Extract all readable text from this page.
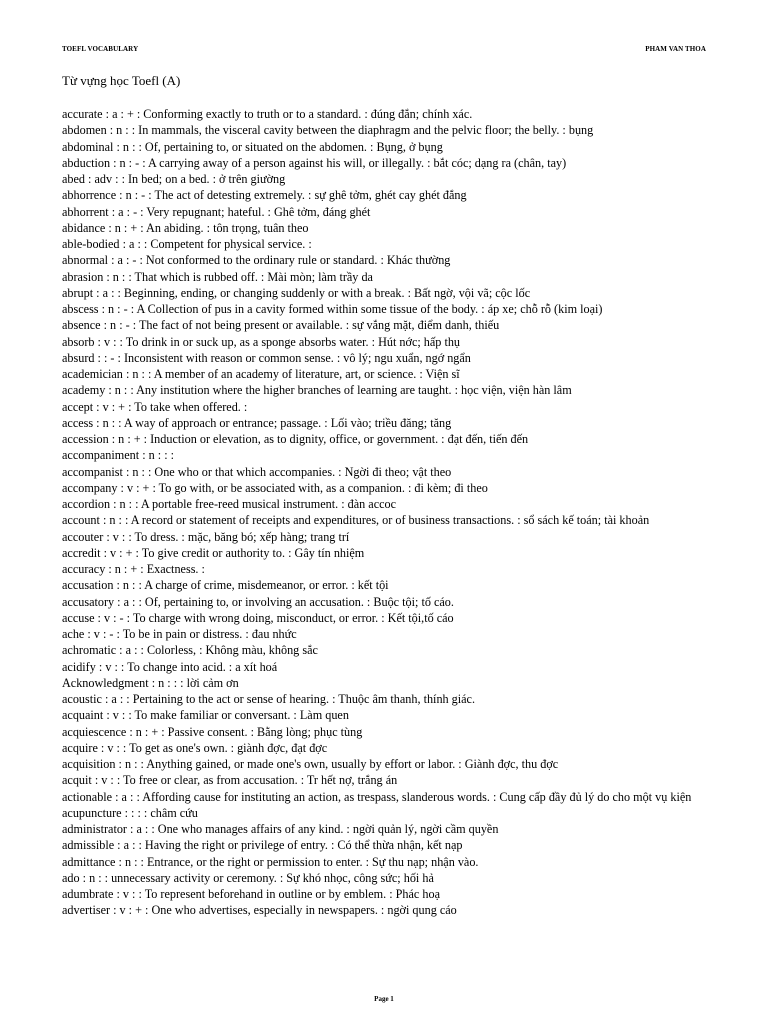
TOEFL VOCABULARY	PHAM VAN THOA
Từ vựng học Toefl (A)
accurate : a : + : Conforming exactly to truth or to a standard. : đúng đắn; chính xác.
abdomen : n : : In mammals, the visceral cavity between the diaphragm and the pelvic floor; the belly. : bụng
abdominal : n : : Of, pertaining to, or situated on the abdomen. : Bụng, ở bụng
abduction : n : - : A carrying away of a person against his will, or illegally. : bắt cóc; dạng ra (chân, tay)
abed : adv : : In bed; on a bed. : ở trên giường
abhorrence : n : - : The act of detesting extremely. : sự ghê tởm, ghét cay ghét đắng
abhorrent : a : - : Very repugnant; hateful. : Ghê tởm, đáng ghét
abidance : n : + : An abiding. : tôn trọng, tuân theo
able-bodied : a : : Competent for physical service. :
abnormal : a : - : Not conformed to the ordinary rule or standard. : Khác thường
abrasion : n : : That which is rubbed off. : Mài mòn; làm trầy da
abrupt : a : : Beginning, ending, or changing suddenly or with a break. : Bất ngờ, vội vã; cộc lốc
abscess : n : - : A Collection of pus in a cavity formed within some tissue of the body. : áp xe; chỗ rỗ (kim loại)
absence : n : - : The fact of not being present or available. : sự vắng mặt, điểm danh, thiếu
absorb : v : : To drink in or suck up, as a sponge absorbs water. : Hút nớc; hấp thụ
absurd : : - : Inconsistent with reason or common sense. : vô lý; ngu xuẩn, ngớ ngẩn
academician : n : : A member of an academy of literature, art, or science. : Viện sĩ
academy : n : : Any institution where the higher branches of learning are taught. : học viện, viện hàn lâm
accept : v : + : To take when offered. :
access : n : : A way of approach or entrance; passage. : Lối vào; triều đăng; tăng
accession : n : + : Induction or elevation, as to dignity, office, or government. : đạt đến, tiến đến
accompaniment : n : : :
accompanist : n : : One who or that which accompanies. : Ngời đi theo; vật theo
accompany : v : + : To go with, or be associated with, as a companion. : đi kèm; đi theo
accordion : n : : A portable free-reed musical instrument. : đàn accoc
account : n : : A record or statement of receipts and expenditures, or of business transactions. : sổ sách kế toán; tài khoản
accouter : v : : To dress. : mặc, băng bó; xếp hàng; trang trí
accredit : v : + : To give credit or authority to. : Gây tín nhiệm
accuracy : n : + : Exactness. :
accusation : n : : A charge of crime, misdemeanor, or error. : kết tội
accusatory : a : : Of, pertaining to, or involving an accusation. : Buộc tội; tố cáo.
accuse : v : - : To charge with wrong doing, misconduct, or error. : Kết tội,tố cáo
ache : v : - : To be in pain or distress. : đau nhức
achromatic : a : : Colorless, : Không màu, không sắc
acidify : v : : To change into acid. : a xít hoá
Acknowledgment : n : : : lời cảm ơn
acoustic : a : : Pertaining to the act or sense of hearing. : Thuộc âm thanh, thính giác.
acquaint : v : : To make familiar or conversant. : Làm quen
acquiescence : n : + : Passive consent. : Bằng lòng; phục tùng
acquire : v : : To get as one's own. : giành đợc, đạt đợc
acquisition : n : : Anything gained, or made one's own, usually by effort or labor. : Giành đợc, thu đợc
acquit : v : : To free or clear, as from accusation. : Tr hết nợ, trắng án
actionable : a : : Affording cause for instituting an action, as trespass, slanderous words. : Cung cấp đầy đủ lý do cho một vụ kiện
acupuncture : : : : châm cứu
administrator : a : : One who manages affairs of any kind. : ngời quản lý, ngời cầm quyền
admissible : a : : Having the right or privilege of entry. : Có thể thừa nhận, kết nạp
admittance : n : : Entrance, or the right or permission to enter. : Sự thu nạp; nhận vào.
ado : n : : unnecessary activity or ceremony. : Sự khó nhọc, công sức; hối hả
adumbrate : v : : To represent beforehand in outline or by emblem. : Phác hoạ
advertiser : v : + : One who advertises, especially in newspapers. : ngời qung cáo
Page 1
